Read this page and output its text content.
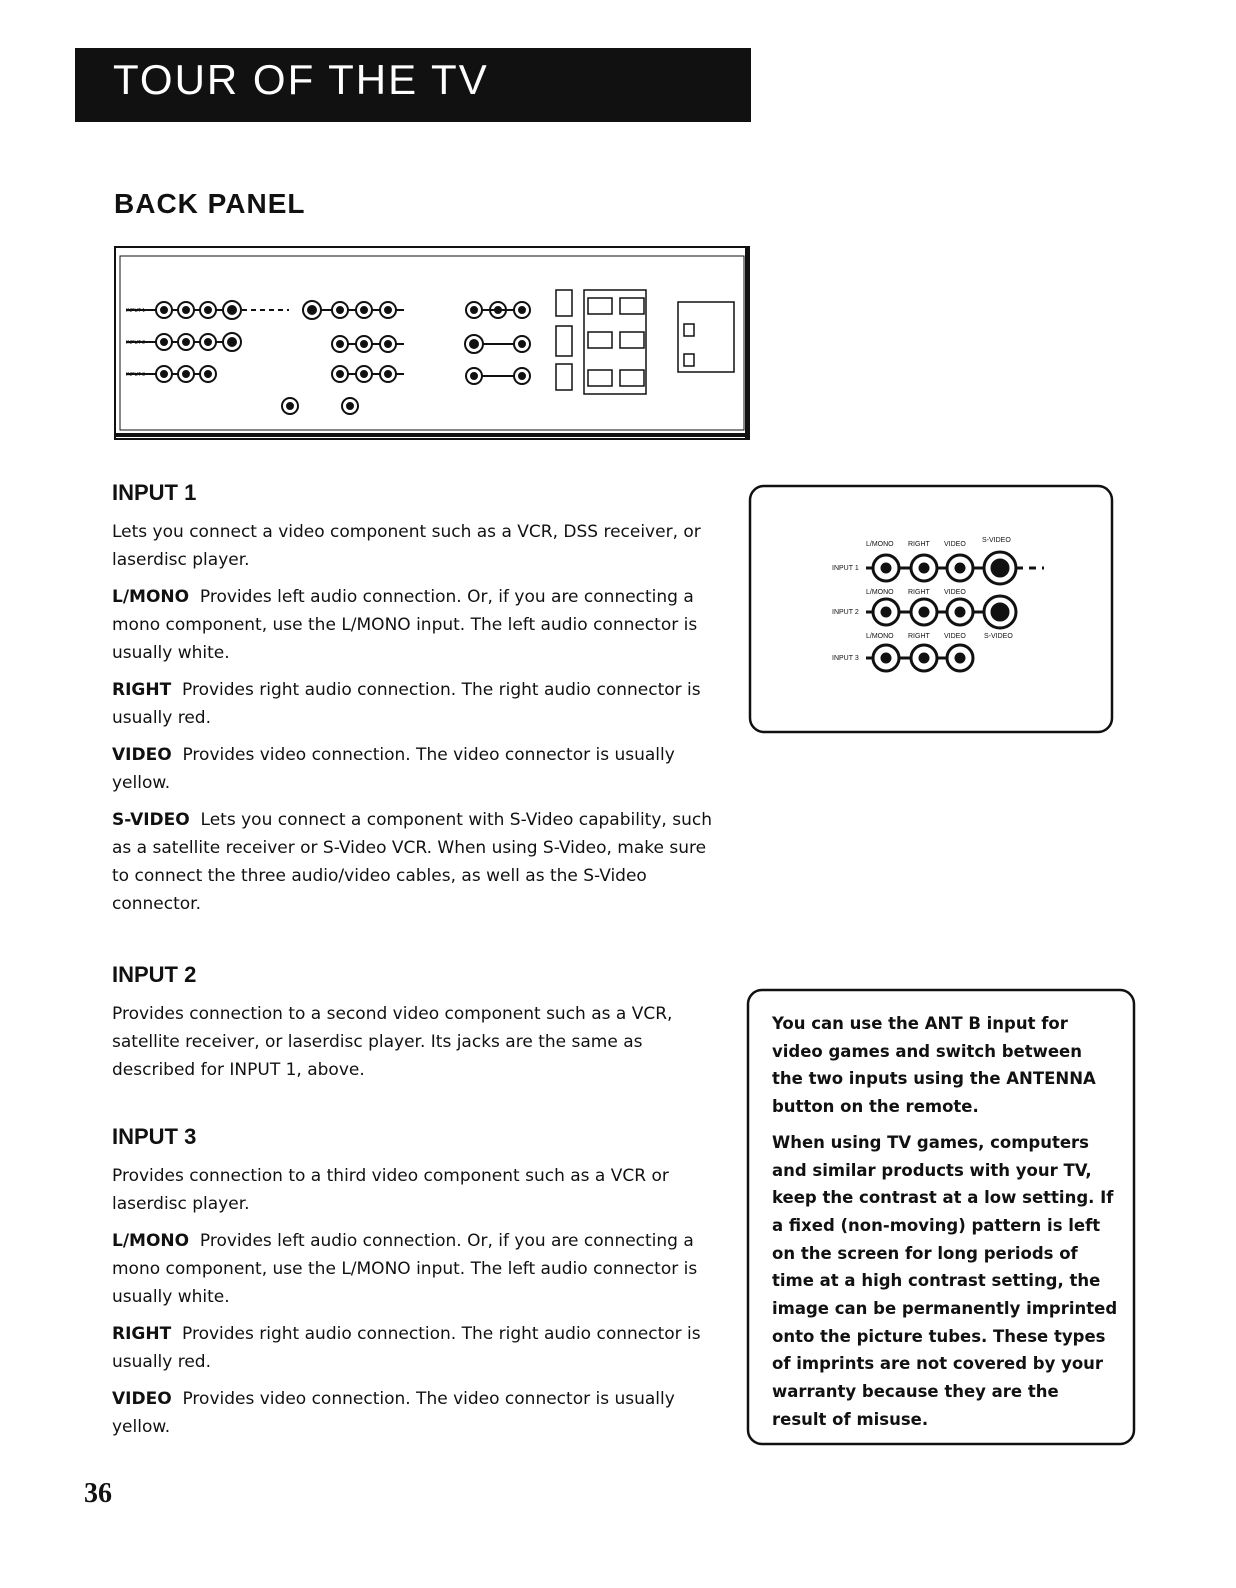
TOUR OF THE TV
BACK PANEL
INPUT 1
INPUT 2
INPUT 3
L/MONO RIGHT VIDEO
S-VIDEO
INPUT 1
L/MONO RIGHT VIDEO
INPUT 2
L/MONO RIGHT VIDEO	S-VIDEO
INPUT 3
INPUT 1

Lets you connect a video component such as a VCR, DSS receiver, or laserdisc player.

L/MONO Provides left audio connection. Or, if you are connecting a mono component, use the L/MONO input. The left audio connector is usually white.

RIGHT Provides right audio connection. The right audio connector is usually red.

VIDEO Provides video connection. The video connector is usually yellow.

S-VIDEO Lets you connect a component with S-Video capability, such as a satellite receiver or S-Video VCR. When using S-Video, make sure to connect the three audio/video cables, as well as the S-Video connector.

INPUT 2

Provides connection to a second video component such as a VCR, satellite receiver, or laserdisc player. Its jacks are the same as described for INPUT 1, above.

INPUT 3

Provides connection to a third video component such as a VCR or laserdisc player.

L/MONO Provides left audio connection. Or, if you are connecting a mono component, use the L/MONO input. The left audio connector is usually white.

RIGHT Provides right audio connection. The right audio connector is usually red.

VIDEO Provides video connection. The video connector is usually yellow.

You can use the ANT B input for video games and switch between the two inputs using the ANTENNA button on the remote.

When using TV games, computers and similar products with your TV, keep the contrast at a low setting. If a fixed (non-moving) pattern is left on the screen for long periods of time at a high contrast setting, the image can be permanently imprinted onto the picture tubes. These types of imprints are not covered by your warranty because they are the result of misuse.

36
